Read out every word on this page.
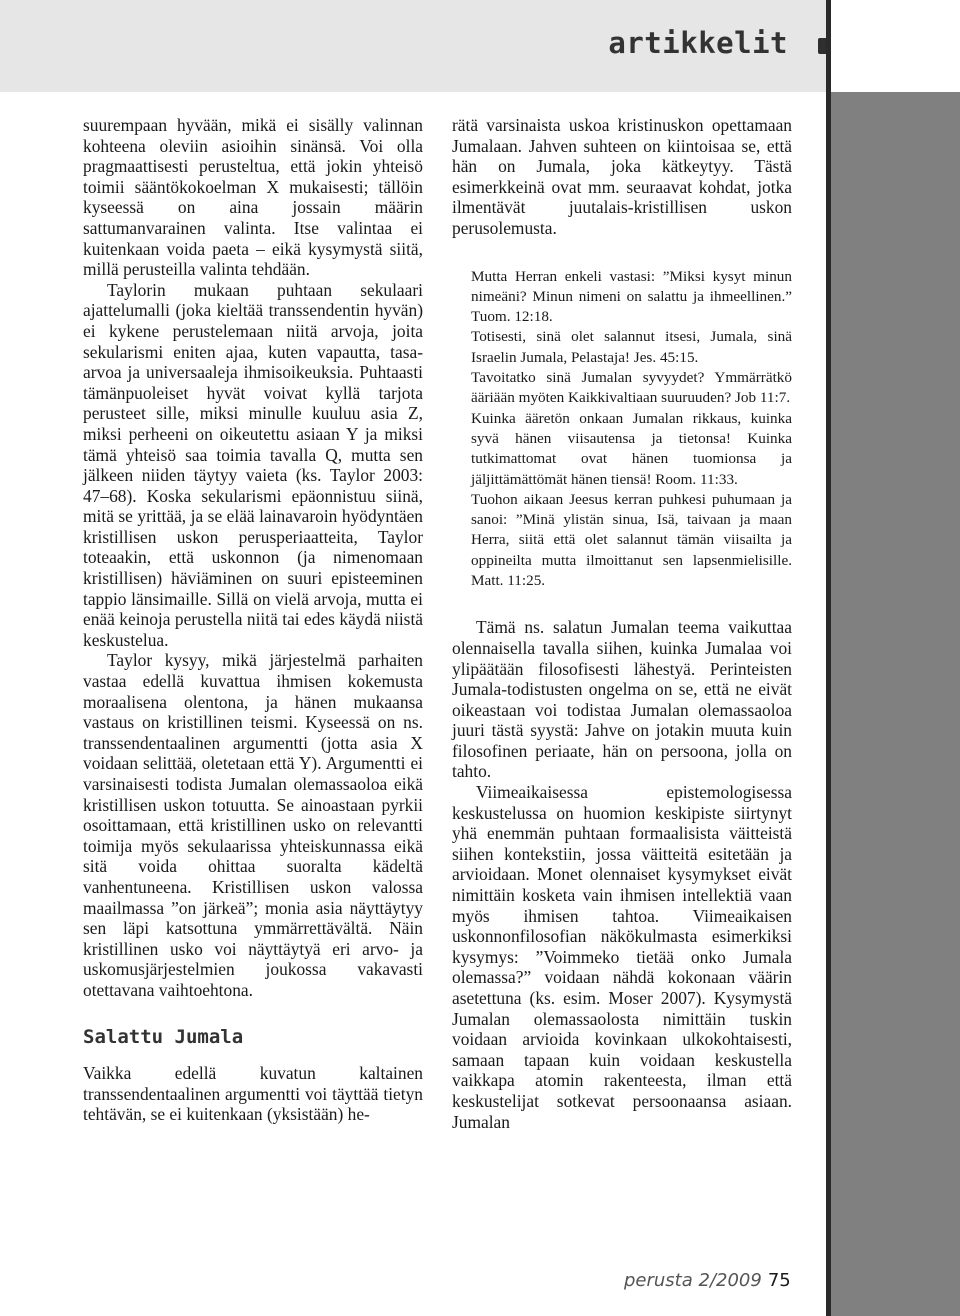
artikkelit

suurempaan hyvään, mikä ei sisälly valinnan kohteena oleviin asioihin sinänsä. Voi olla pragmaattisesti perusteltua, että jokin yhteisö toimii sääntökokoelman X mukaisesti; tällöin kyseessä on aina jossain määrin sattumanvarainen valinta. Itse valintaa ei kuitenkaan voida paeta – eikä kysymystä siitä, millä perusteilla valinta tehdään.

Taylorin mukaan puhtaan sekulaari ajattelumalli (joka kieltää transsendentin hyvän) ei kykene perustelemaan niitä arvoja, joita sekularismi eniten ajaa, kuten vapautta, tasa-arvoa ja universaaleja ihmisoikeuksia. Puhtaasti tämänpuoleiset hyvät voivat kyllä tarjota perusteet sille, miksi minulle kuuluu asia Z, miksi perheeni on oikeutettu asiaan Y ja miksi tämä yhteisö saa toimia tavalla Q, mutta sen jälkeen niiden täytyy vaieta (ks. Taylor 2003: 47–68). Koska sekularismi epäonnistuu siinä, mitä se yrittää, ja se elää lainavaroin hyödyntäen kristillisen uskon perusperiaatteita, Taylor toteaakin, että uskonnon (ja nimenomaan kristillisen) häviäminen on suuri episteeminen tappio länsimaille. Sillä on vielä arvoja, mutta ei enää keinoja perustella niitä tai edes käydä niistä keskustelua.

Taylor kysyy, mikä järjestelmä parhaiten vastaa edellä kuvattua ihmisen kokemusta moraalisena olentona, ja hänen mukaansa vastaus on kristillinen teismi. Kyseessä on ns. transsendentaalinen argumentti (jotta asia X voidaan selittää, oletetaan että Y). Argumentti ei varsinaisesti todista Jumalan olemassaoloa eikä kristillisen uskon totuutta. Se ainoastaan pyrkii osoittamaan, että kristillinen usko on relevantti toimija myös sekulaarissa yhteiskunnassa eikä sitä voida ohittaa suoralta kädeltä vanhentuneena. Kristillisen uskon valossa maailmassa ”on järkeä”; monia asia näyttäytyy sen läpi katsottuna ymmärrettävältä. Näin kristillinen usko voi näyttäytyä eri arvo- ja uskomusjärjestelmien joukossa vakavasti otettavana vaihtoehtona.

Salattu Jumala

Vaikka edellä kuvatun kaltainen transsendentaalinen argumentti voi täyttää tietyn tehtävän, se ei kuitenkaan (yksistään) he-

rätä varsinaista uskoa kristinuskon opettamaan Jumalaan. Jahven suhteen on kiintoisaa se, että hän on Jumala, joka kätkeytyy. Tästä esimerkkeinä ovat mm. seuraavat kohdat, jotka ilmentävät juutalais-kristillisen uskon perusolemusta.

Mutta Herran enkeli vastasi: ”Miksi kysyt minun nimeäni? Minun nimeni on salattu ja ihmeellinen.” Tuom. 12:18.

Totisesti, sinä olet salannut itsesi, Jumala, sinä Israelin Jumala, Pelastaja! Jes. 45:15.

Tavoitatko sinä Jumalan syvyydet? Ymmärrätkö ääriään myöten Kaikkivaltiaan suuruuden? Job 11:7.

Kuinka ääretön onkaan Jumalan rikkaus, kuinka syvä hänen viisautensa ja tietonsa! Kuinka tutkimattomat ovat hänen tuomionsa ja jäljittämättömät hänen tiensä! Room. 11:33.

Tuohon aikaan Jeesus kerran puhkesi puhumaan ja sanoi: ”Minä ylistän sinua, Isä, taivaan ja maan Herra, siitä että olet salannut tämän viisailta ja oppineilta mutta ilmoittanut sen lapsenmielisille. Matt. 11:25.

Tämä ns. salatun Jumalan teema vaikuttaa olennaisella tavalla siihen, kuinka Jumalaa voi ylipäätään filosofisesti lähestyä. Perinteisten Jumala-todistusten ongelma on se, että ne eivät oikeastaan voi todistaa Jumalan olemassaoloa juuri tästä syystä: Jahve on jotakin muuta kuin filosofinen periaate, hän on persoona, jolla on tahto.

Viimeaikaisessa epistemologisessa keskustelussa on huomion keskipiste siirtynyt yhä enemmän puhtaan formaalisista väitteistä siihen kontekstiin, jossa väitteitä esitetään ja arvioidaan. Monet olennaiset kysymykset eivät nimittäin kosketa vain ihmisen intellektiä vaan myös ihmisen tahtoa. Viimeaikaisen uskonnonfilosofian näkökulmasta esimerkiksi kysymys: ”Voimmeko tietää onko Jumala olemassa?” voidaan nähdä kokonaan väärin asetettuna (ks. esim. Moser 2007). Kysymystä Jumalan olemassaolosta nimittäin tuskin voidaan arvioida kovinkaan ulkokohtaisesti, samaan tapaan kuin voidaan keskustella vaikkapa atomin rakenteesta, ilman että keskustelijat sotkevat persoonaansa asiaan. Jumalan

perusta 2/2009 75
